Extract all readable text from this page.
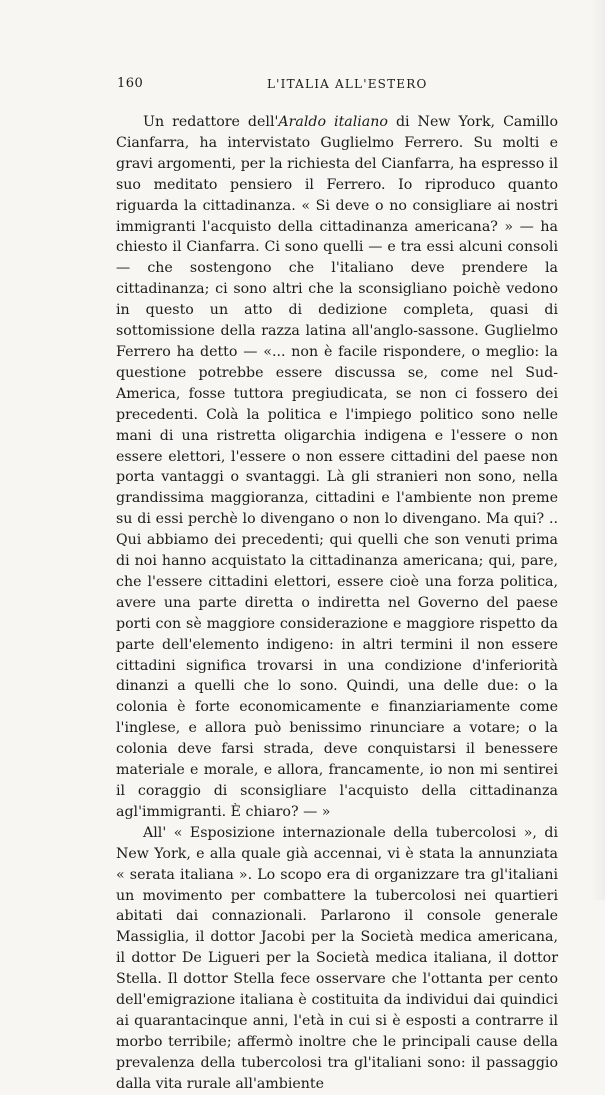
160	L'ITALIA ALL'ESTERO

Un redattore dell'Araldo italiano di New York, Camillo Cianfarra, ha intervistato Guglielmo Ferrero. Su molti e gravi argomenti, per la richiesta del Cianfarra, ha espresso il suo meditato pensiero il Ferrero. Io riproduco quanto riguarda la cittadinanza. « Si deve o no consigliare ai nostri immigranti l'acquisto della cittadinanza americana? » — ha chiesto il Cianfarra. Ci sono quelli — e tra essi alcuni consoli — che sostengono che l'italiano deve prendere la cittadinanza; ci sono altri che la sconsigliano poichè vedono in questo un atto di dedizione completa, quasi di sottomissione della razza latina all'anglo-sassone. Guglielmo Ferrero ha detto — «... non è facile rispondere, o meglio: la questione potrebbe essere discussa se, come nel Sud-America, fosse tuttora pregiudicata, se non ci fossero dei precedenti. Colà la politica e l'impiego politico sono nelle mani di una ristretta oligarchia indigena e l'essere o non essere elettori, l'essere o non essere cittadini del paese non porta vantaggi o svantaggi. Là gli stranieri non sono, nella grandissima maggioranza, cittadini e l'ambiente non preme su di essi perchè lo divengano o non lo divengano. Ma qui? .. Qui abbiamo dei precedenti; qui quelli che son venuti prima di noi hanno acquistato la cittadinanza americana; qui, pare, che l'essere cittadini elettori, essere cioè una forza politica, avere una parte diretta o indiretta nel Governo del paese porti con sè maggiore considerazione e maggiore rispetto da parte dell'elemento indigeno: in altri termini il non essere cittadini significa trovarsi in una condizione d'inferiorità dinanzi a quelli che lo sono. Quindi, una delle due: o la colonia è forte economicamente e finanziariamente come l'inglese, e allora può benissimo rinunciare a votare; o la colonia deve farsi strada, deve conquistarsi il benessere materiale e morale, e allora, francamente, io non mi sentirei il coraggio di sconsigliare l'acquisto della cittadinanza agl'immigranti. È chiaro? — »

All' « Esposizione internazionale della tubercolosi », di New York, e alla quale già accennai, vi è stata la annunziata « serata italiana ». Lo scopo era di organizzare tra gl'italiani un movimento per combattere la tubercolosi nei quartieri abitati dai connazionali. Parlarono il console generale Massiglia, il dottor Jacobi per la Società medica americana, il dottor De Ligueri per la Società medica italiana, il dottor Stella. Il dottor Stella fece osservare che l'ottanta per cento dell'emigrazione italiana è costituita da individui dai quindici ai quarantacinque anni, l'età in cui si è esposti a contrarre il morbo terribile; affermò inoltre che le principali cause della prevalenza della tubercolosi tra gl'italiani sono: il passaggio dalla vita rurale all'ambiente
